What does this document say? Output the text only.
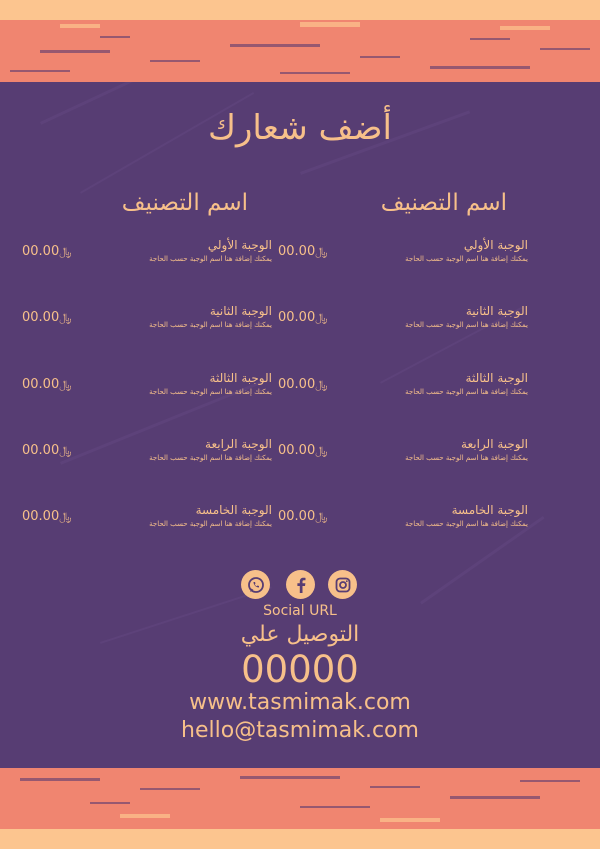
أضف شعارك
اسم التصنيف	اسم التصنيف
الوجبة الأولي
يمكنك إضافة هنا اسم الوجبة حسب الحاجة
﷼00.00
الوجبة الثانية
يمكنك إضافة هنا اسم الوجبة حسب الحاجة
﷼00.00
الوجبة الثالثة
يمكنك إضافة هنا اسم الوجبة حسب الحاجة
﷼00.00
الوجبة الرابعة
يمكنك إضافة هنا اسم الوجبة حسب الحاجة
﷼00.00
الوجبة الخامسة
يمكنك إضافة هنا اسم الوجبة حسب الحاجة
﷼00.00
الوجبة الأولي
يمكنك إضافة هنا اسم الوجبة حسب الحاجة
﷼00.00
الوجبة الثانية
يمكنك إضافة هنا اسم الوجبة حسب الحاجة
﷼00.00
الوجبة الثالثة
يمكنك إضافة هنا اسم الوجبة حسب الحاجة
﷼00.00
الوجبة الرابعة
يمكنك إضافة هنا اسم الوجبة حسب الحاجة
﷼00.00
الوجبة الخامسة
يمكنك إضافة هنا اسم الوجبة حسب الحاجة
﷼00.00
Social URL
التوصيل علي
00000
www.tasmimak.com
hello@tasmimak.com
